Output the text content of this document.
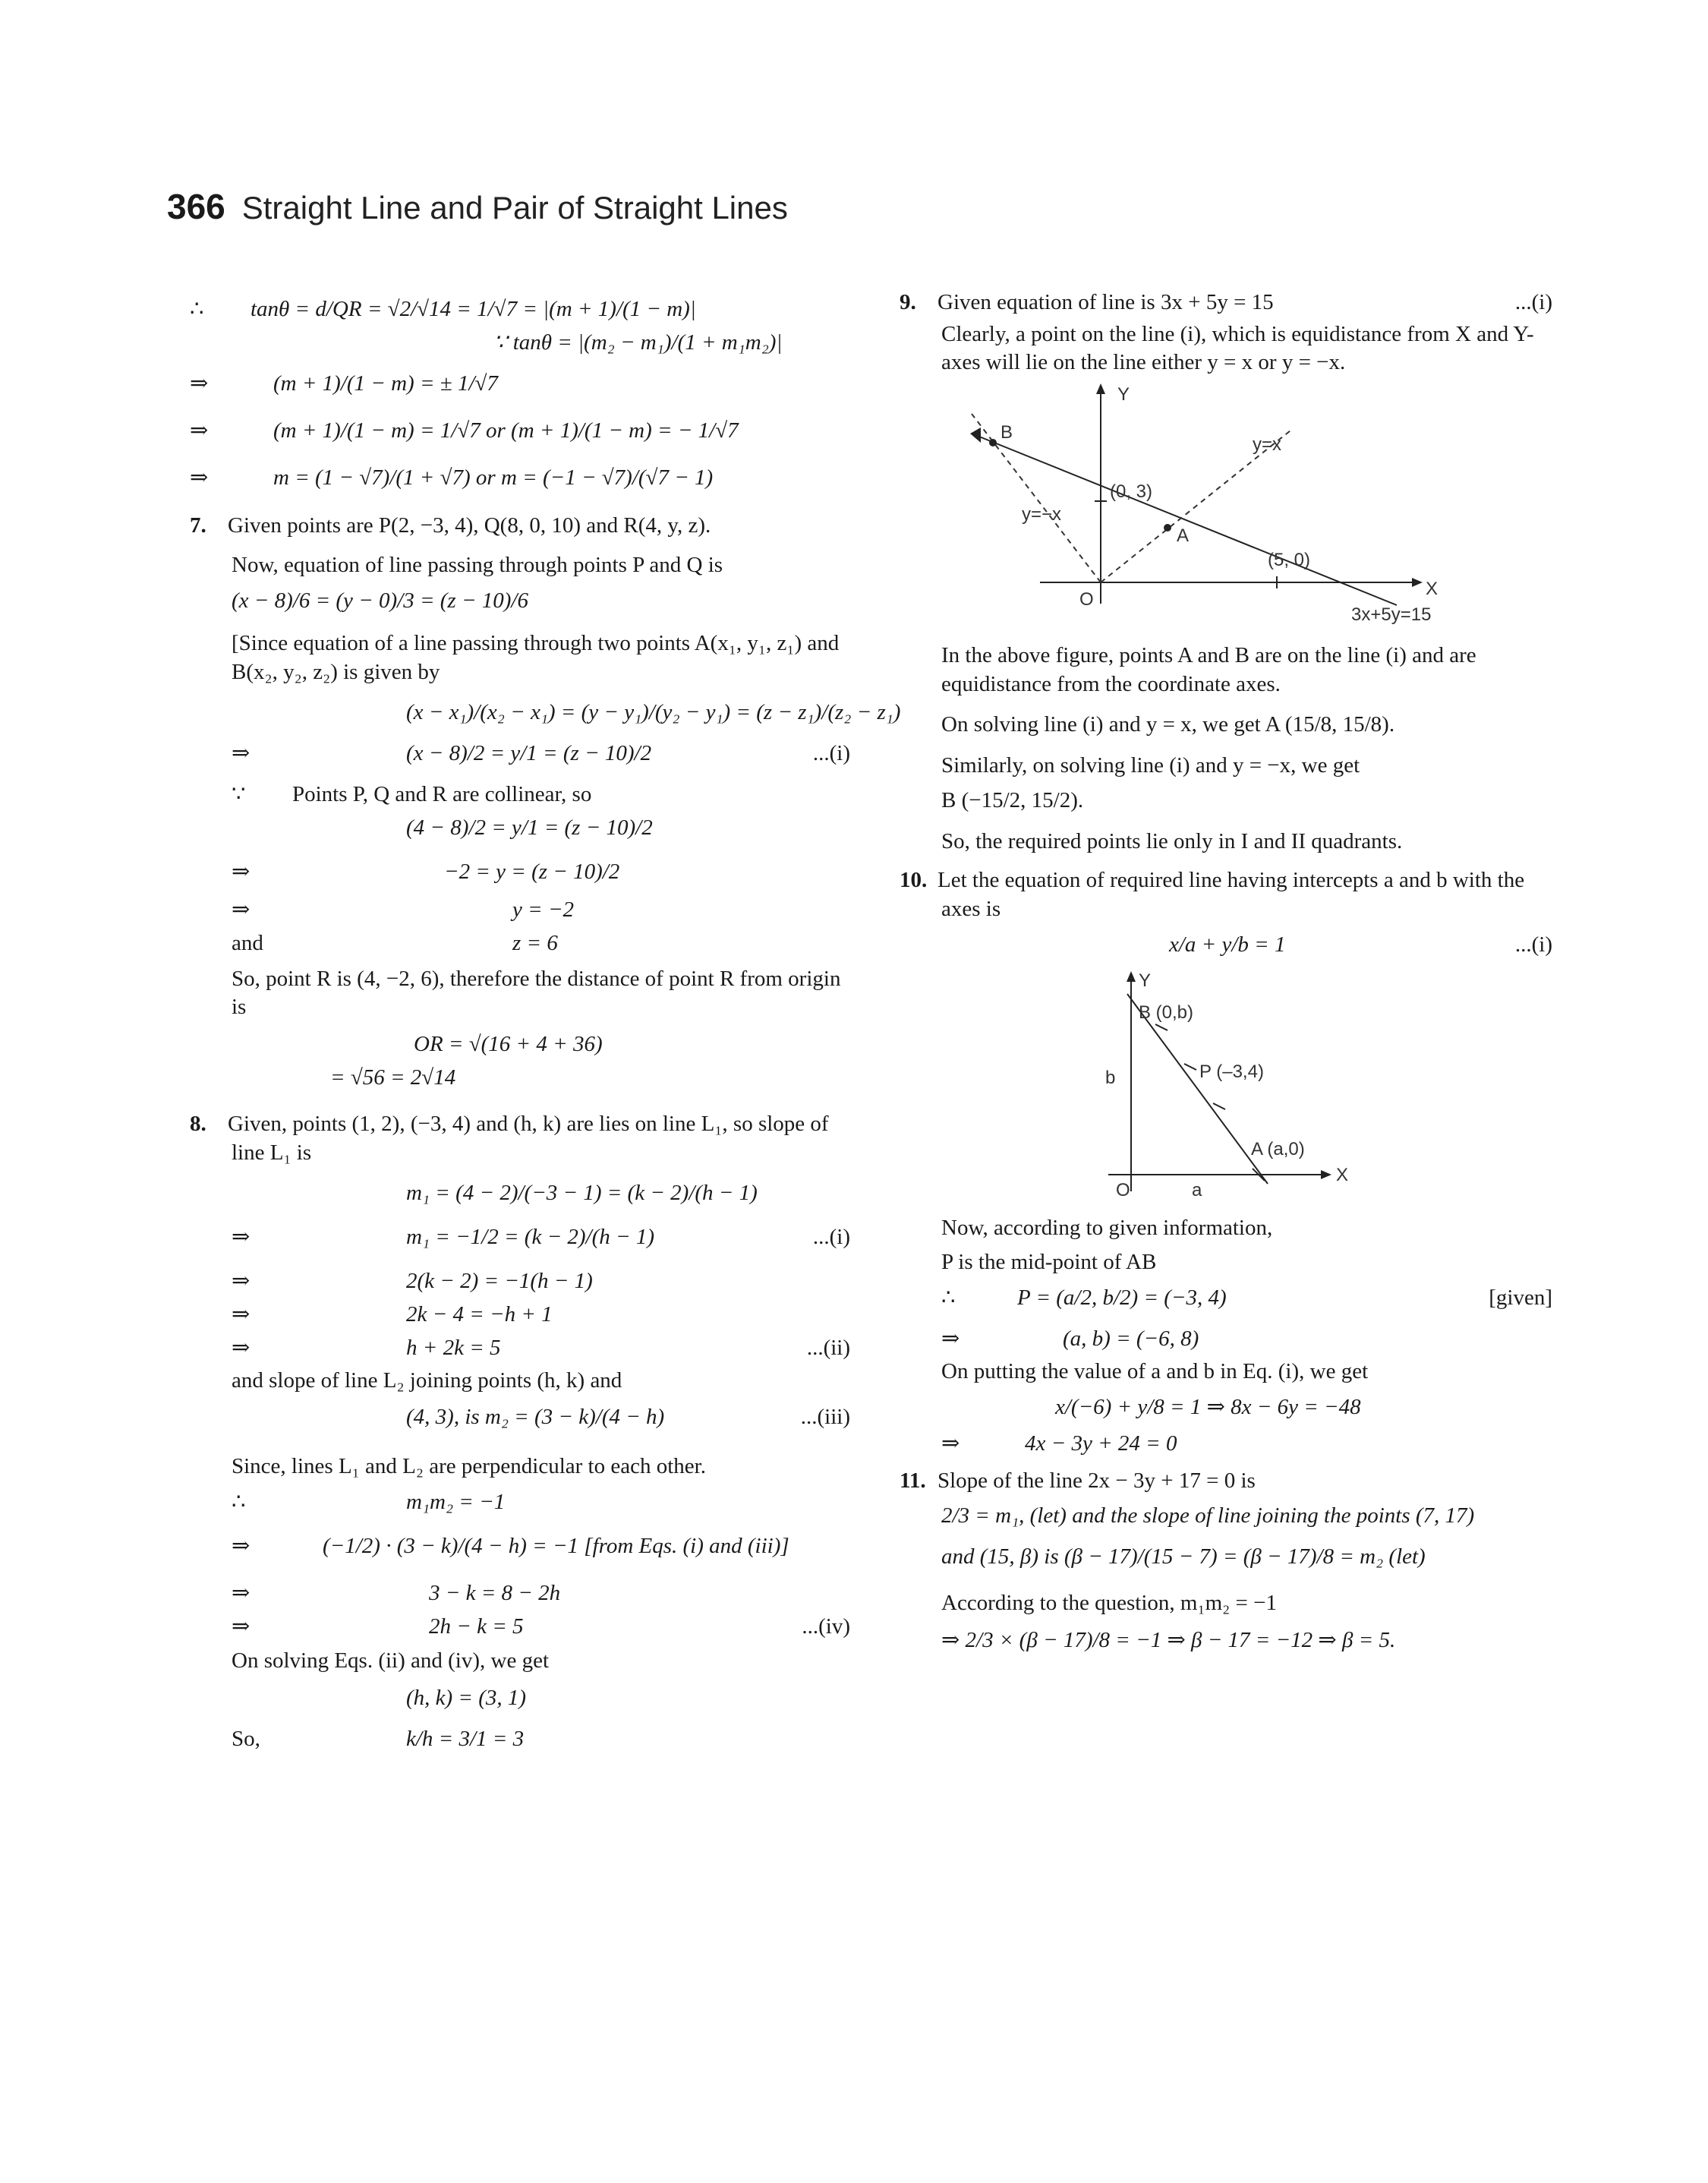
366 Straight Line and Pair of Straight Lines
∴	tanθ = d/QR = √2/√14 = 1/√7 = |(m + 1)/(1 − m)|
∵ tanθ = |(m₂ − m₁)/(1 + m₁m₂)|
⇒	(m + 1)/(1 − m) = ± 1/√7
⇒	(m + 1)/(1 − m) = 1/√7 or (m + 1)/(1 − m) = − 1/√7
⇒	m = (1 − √7)/(1 + √7) or m = (−1 − √7)/(√7 − 1)
7. Given points are P(2, −3, 4), Q(8, 0, 10) and R(4, y, z).
Now, equation of line passing through points P and Q is
(x − 8)/6 = (y − 0)/3 = (z − 10)/6
[Since equation of a line passing through two points A(x₁, y₁, z₁) and B(x₂, y₂, z₂) is given by
(x − x₁)/(x₂ − x₁) = (y − y₁)/(y₂ − y₁) = (z − z₁)/(z₂ − z₁)
⇒	(x − 8)/2 = y/1 = (z − 10)/2	...(i)
∵	Points P, Q and R are collinear, so
(4 − 8)/2 = y/1 = (z − 10)/2
⇒	−2 = y = (z − 10)/2
⇒	y = −2
and	z = 6
So, point R is (4, −2, 6), therefore the distance of point R from origin is
OR = √(16 + 4 + 36)
= √56 = 2√14
8. Given, points (1, 2), (−3, 4) and (h, k) are lies on line L₁, so slope of line L₁ is
m₁ = (4 − 2)/(−3 − 1) = (k − 2)/(h − 1)
⇒	m₁ = −1/2 = (k − 2)/(h − 1)	...(i)
⇒	2(k − 2) = −1(h − 1)
⇒	2k − 4 = −h + 1
⇒	h + 2k = 5	...(ii)
and slope of line L₂ joining points (h, k) and
(4, 3), is m₂ = (3 − k)/(4 − h)	...(iii)
Since, lines L₁ and L₂ are perpendicular to each other.
∴	m₁m₂ = −1
⇒	(−1/2) · (3 − k)/(4 − h) = −1 [from Eqs. (i) and (iii)]
⇒	3 − k = 8 − 2h
⇒	2h − k = 5	...(iv)
On solving Eqs. (ii) and (iv), we get
(h, k) = (3, 1)
So,	k/h = 3/1 = 3
9. Given equation of line is 3x + 5y = 15	...(i)
Clearly, a point on the line (i), which is equidistance from X and Y-axes will lie on the line either y = x or y = −x.
Y
X
O
B
A
(0, 3)
(5, 0)
y=x
y=−x
3x+5y=15
In the above figure, points A and B are on the line (i) and are equidistance from the coordinate axes.
On solving line (i) and y = x, we get A (15/8, 15/8).
Similarly, on solving line (i) and y = −x, we get
B (−15/2, 15/2).
So, the required points lie only in I and II quadrants.
10. Let the equation of required line having intercepts a and b with the axes is
x/a + y/b = 1	...(i)
Y
X
O
B (0,b)
P (–3,4)
A (a,0)
a
b
Now, according to given information,
P is the mid-point of AB
∴	P = (a/2, b/2) = (−3, 4)	[given]
⇒	(a, b) = (−6, 8)
On putting the value of a and b in Eq. (i), we get
x/(−6) + y/8 = 1 ⇒ 8x − 6y = −48
⇒	4x − 3y + 24 = 0
11. Slope of the line 2x − 3y + 17 = 0 is
2/3 = m₁, (let) and the slope of line joining the points (7, 17)
and (15, β) is (β − 17)/(15 − 7) = (β − 17)/8 = m₂ (let)
According to the question, m₁m₂ = −1
⇒ 2/3 × (β − 17)/8 = −1 ⇒ β − 17 = −12 ⇒ β = 5.
